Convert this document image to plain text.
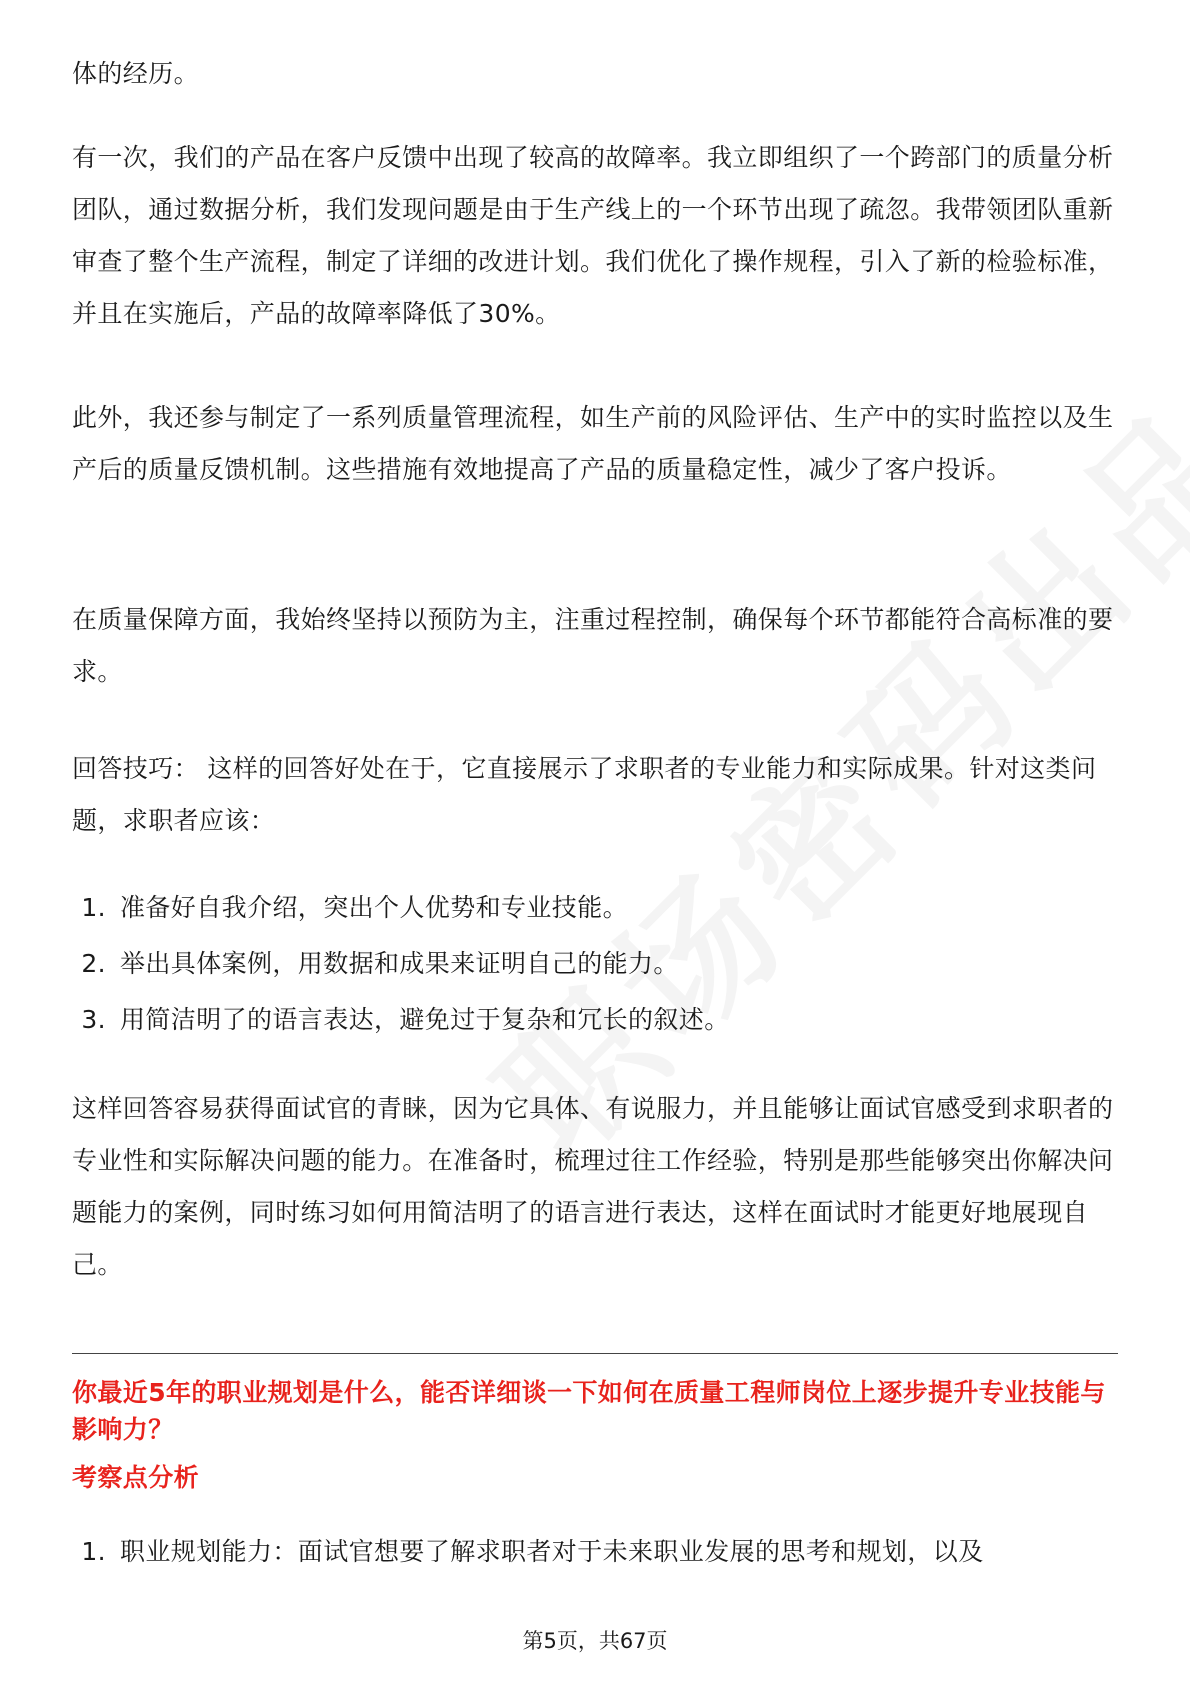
体的经历。

有一次，我们的产品在客户反馈中出现了较高的故障率。我立即组织了一个跨部门的质量分析团队，通过数据分析，我们发现问题是由于生产线上的一个环节出现了疏忽。我带领团队重新审查了整个生产流程，制定了详细的改进计划。我们优化了操作规程，引入了新的检验标准，并且在实施后，产品的故障率降低了30%。

此外，我还参与制定了一系列质量管理流程，如生产前的风险评估、生产中的实时监控以及生产后的质量反馈机制。这些措施有效地提高了产品的质量稳定性，减少了客户投诉。

在质量保障方面，我始终坚持以预防为主，注重过程控制，确保每个环节都能符合高标准的要求。

回答技巧： 这样的回答好处在于，它直接展示了求职者的专业能力和实际成果。针对这类问题，求职者应该：

1. 准备好自我介绍，突出个人优势和专业技能。
2. 举出具体案例，用数据和成果来证明自己的能力。
3. 用简洁明了的语言表达，避免过于复杂和冗长的叙述。

这样回答容易获得面试官的青睐，因为它具体、有说服力，并且能够让面试官感受到求职者的专业性和实际解决问题的能力。在准备时，梳理过往工作经验，特别是那些能够突出你解决问题能力的案例，同时练习如何用简洁明了的语言进行表达，这样在面试时才能更好地展现自己。

你最近5年的职业规划是什么，能否详细谈一下如何在质量工程师岗位上逐步提升专业技能与影响力？

考察点分析

1. 职业规划能力：面试官想要了解求职者对于未来职业发展的思考和规划，以及
第5页，共67页
